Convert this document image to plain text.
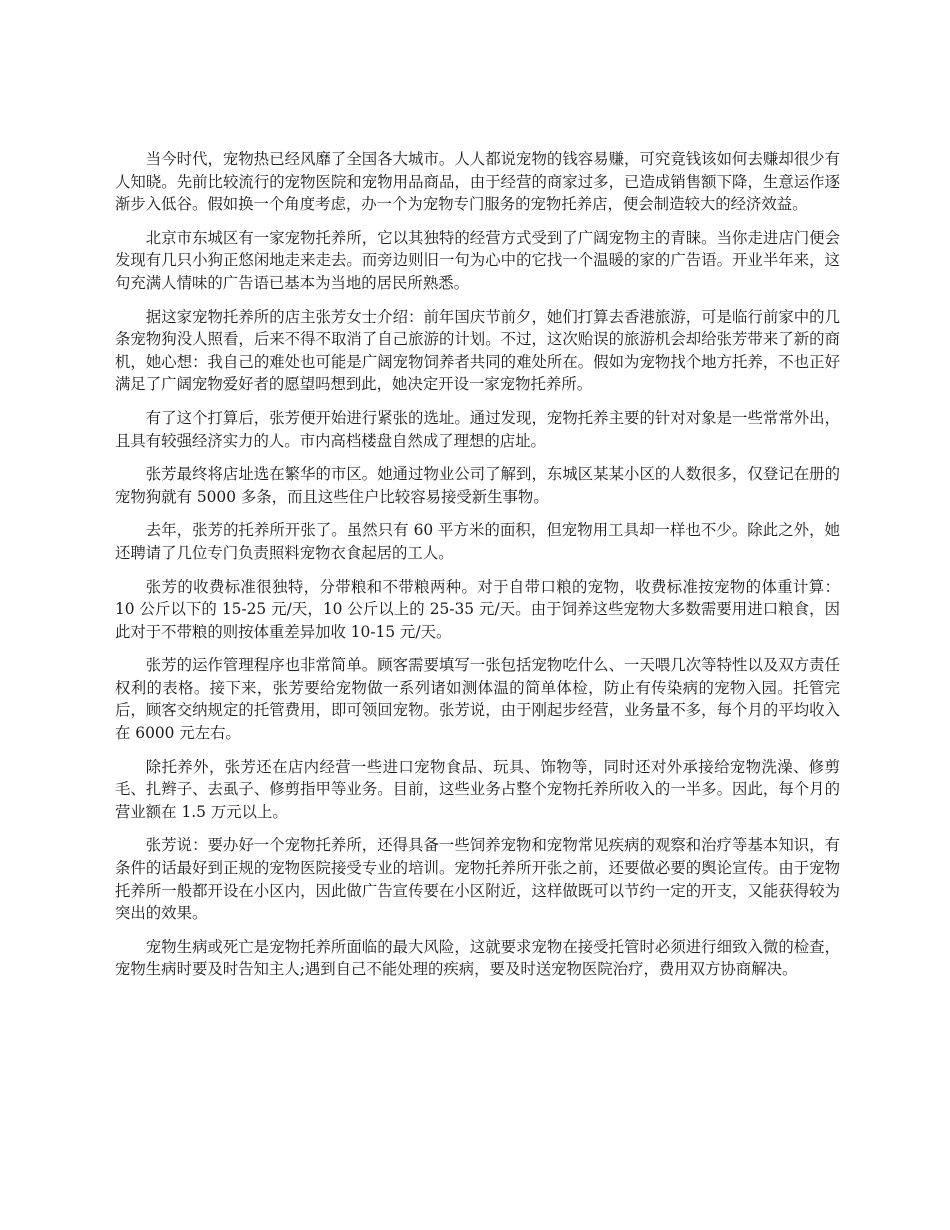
当今时代，宠物热已经风靡了全国各大城市。人人都说宠物的钱容易赚，可究竟钱该如何去赚却很少有人知晓。先前比较流行的宠物医院和宠物用品商品，由于经营的商家过多，已造成销售额下降，生意运作逐渐步入低谷。假如换一个角度考虑，办一个为宠物专门服务的宠物托养店，便会制造较大的经济效益。

北京市东城区有一家宠物托养所，它以其独特的经营方式受到了广阔宠物主的青睐。当你走进店门便会发现有几只小狗正悠闲地走来走去。而旁边则旧一句为心中的它找一个温暖的家的广告语。开业半年来，这句充满人情味的广告语已基本为当地的居民所熟悉。

据这家宠物托养所的店主张芳女士介绍：前年国庆节前夕，她们打算去香港旅游，可是临行前家中的几条宠物狗没人照看，后来不得不取消了自己旅游的计划。不过，这次贻误的旅游机会却给张芳带来了新的商机，她心想：我自己的难处也可能是广阔宠物饲养者共同的难处所在。假如为宠物找个地方托养，不也正好满足了广阔宠物爱好者的愿望吗想到此，她决定开设一家宠物托养所。

有了这个打算后，张芳便开始进行紧张的选址。通过发现，宠物托养主要的针对对象是一些常常外出，且具有较强经济实力的人。市内高档楼盘自然成了理想的店址。

张芳最终将店址选在繁华的市区。她通过物业公司了解到，东城区某某小区的人数很多，仅登记在册的宠物狗就有 5000 多条，而且这些住户比较容易接受新生事物。

去年，张芳的托养所开张了。虽然只有 60 平方米的面积，但宠物用工具却一样也不少。除此之外，她还聘请了几位专门负责照料宠物衣食起居的工人。

张芳的收费标准很独特，分带粮和不带粮两种。对于自带口粮的宠物，收费标准按宠物的体重计算：10 公斤以下的 15-25 元/天，10 公斤以上的 25-35 元/天。由于饲养这些宠物大多数需要用进口粮食，因此对于不带粮的则按体重差异加收 10-15 元/天。

张芳的运作管理程序也非常简单。顾客需要填写一张包括宠物吃什么、一天喂几次等特性以及双方责任权利的表格。接下来，张芳要给宠物做一系列诸如测体温的简单体检，防止有传染病的宠物入园。托管完后，顾客交纳规定的托管费用，即可领回宠物。张芳说，由于刚起步经营，业务量不多，每个月的平均收入在 6000 元左右。

除托养外，张芳还在店内经营一些进口宠物食品、玩具、饰物等，同时还对外承接给宠物洗澡、修剪毛、扎辫子、去虱子、修剪指甲等业务。目前，这些业务占整个宠物托养所收入的一半多。因此，每个月的营业额在 1.5 万元以上。

张芳说：要办好一个宠物托养所，还得具备一些饲养宠物和宠物常见疾病的观察和治疗等基本知识，有条件的话最好到正规的宠物医院接受专业的培训。宠物托养所开张之前，还要做必要的舆论宣传。由于宠物托养所一般都开设在小区内，因此做广告宣传要在小区附近，这样做既可以节约一定的开支，又能获得较为突出的效果。

宠物生病或死亡是宠物托养所面临的最大风险，这就要求宠物在接受托管时必须进行细致入微的检查，宠物生病时要及时告知主人;遇到自己不能处理的疾病，要及时送宠物医院治疗，费用双方协商解决。
